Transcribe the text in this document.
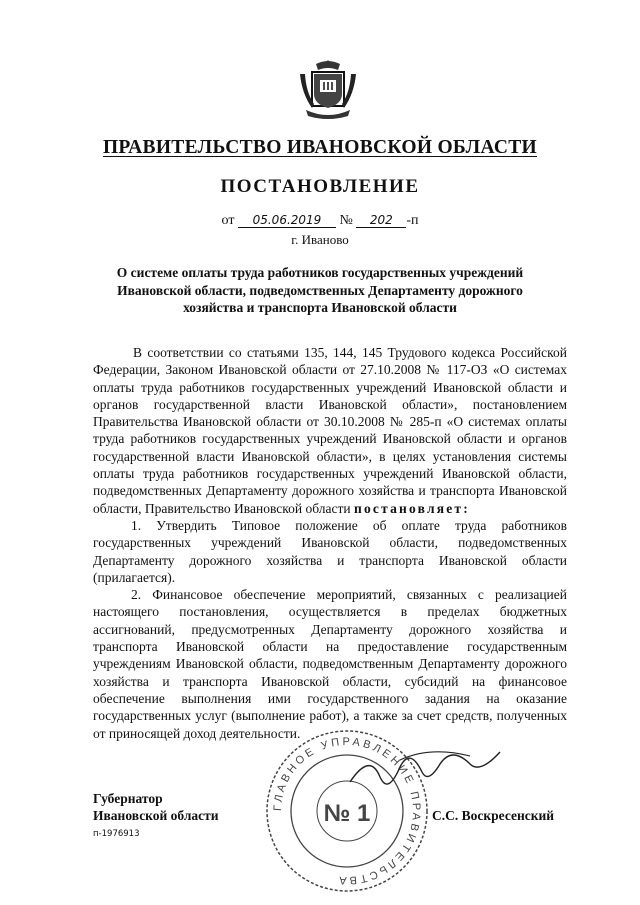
ПРАВИТЕЛЬСТВО ИВАНОВСКОЙ ОБЛАСТИ
ПОСТАНОВЛЕНИЕ
от 05.06.2019 № 202 -п
г. Иваново

О системе оплаты труда работников государственных учреждений Ивановской области, подведомственных Департаменту дорожного хозяйства и транспорта Ивановской области

В соответствии со статьями 135, 144, 145 Трудового кодекса Российской Федерации, Законом Ивановской области от 27.10.2008 № 117-ОЗ «О системах оплаты труда работников государственных учреждений Ивановской области и органов государственной власти Ивановской области», постановлением Правительства Ивановской области от 30.10.2008 № 285-п «О системах оплаты труда работников государственных учреждений Ивановской области и органов государственной власти Ивановской области», в целях установления системы оплаты труда работников государственных учреждений Ивановской области, подведомственных Департаменту дорожного хозяйства и транспорта Ивановской области, Правительство Ивановской области постановляет:

1. Утвердить Типовое положение об оплате труда работников государственных учреждений Ивановской области, подведомственных Департаменту дорожного хозяйства и транспорта Ивановской области (прилагается).

2. Финансовое обеспечение мероприятий, связанных с реализацией настоящего постановления, осуществляется в пределах бюджетных ассигнований, предусмотренных Департаменту дорожного хозяйства и транспорта Ивановской области на предоставление государственным учреждениям Ивановской области, подведомственным Департаменту дорожного хозяйства и транспорта Ивановской области, субсидий на финансовое обеспечение выполнения ими государственного задания на оказание государственных услуг (выполнение работ), а также за счет средств, полученных от приносящей доход деятельности.

ГЛАВНОЕ УПРАВЛЕНИЕ ПРАВИТЕЛЬСТВА
№ 1
Губернатор
Ивановской области
п-1976913
С.С. Воскресенский
